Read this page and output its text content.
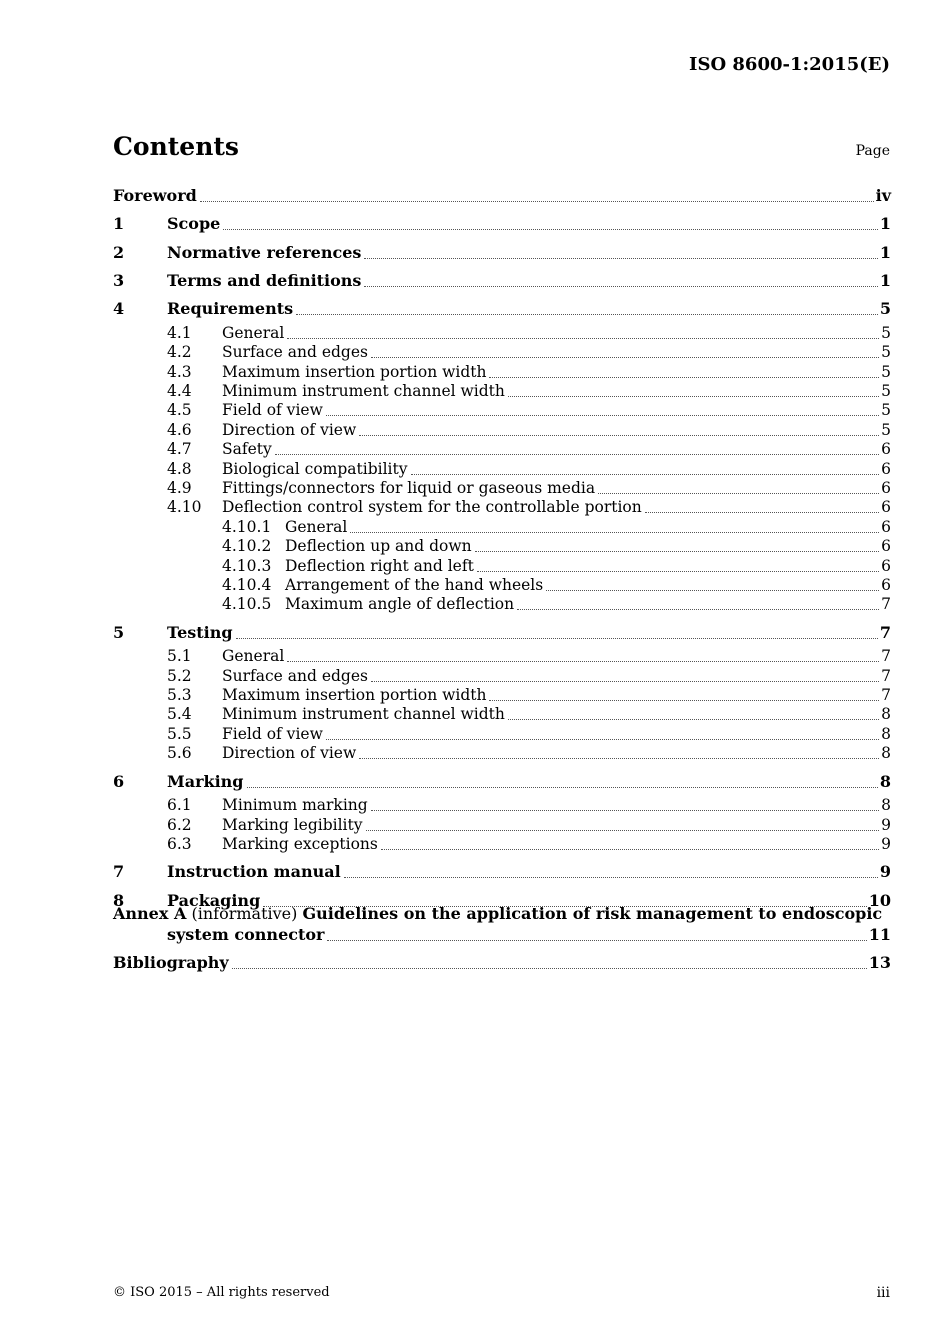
ISO 8600-1:2015(E)
Contents	Page
Foreword	iv
1	Scope	1
2	Normative references	1
3	Terms and definitions	1
4	Requirements	5
4.1	General	5
4.2	Surface and edges	5
4.3	Maximum insertion portion width	5
4.4	Minimum instrument channel width	5
4.5	Field of view	5
4.6	Direction of view	5
4.7	Safety	6
4.8	Biological compatibility	6
4.9	Fittings/connectors for liquid or gaseous media	6
4.10	Deflection control system for the controllable portion	6
4.10.1 General	6
4.10.2 Deflection up and down	6
4.10.3 Deflection right and left	6
4.10.4 Arrangement of the hand wheels	6
4.10.5 Maximum angle of deflection	7
5	Testing	7
5.1	General	7
5.2	Surface and edges	7
5.3	Maximum insertion portion width	7
5.4	Minimum instrument channel width	8
5.5	Field of view	8
5.6	Direction of view	8
6	Marking	8
6.1	Minimum marking	8
6.2	Marking legibility	9
6.3	Marking exceptions	9
7	Instruction manual	9
8	Packaging	10
Annex A (informative) Guidelines on the application of risk management to endoscopic
system connector	11
Bibliography	13
© ISO 2015 – All rights reserved	iii
